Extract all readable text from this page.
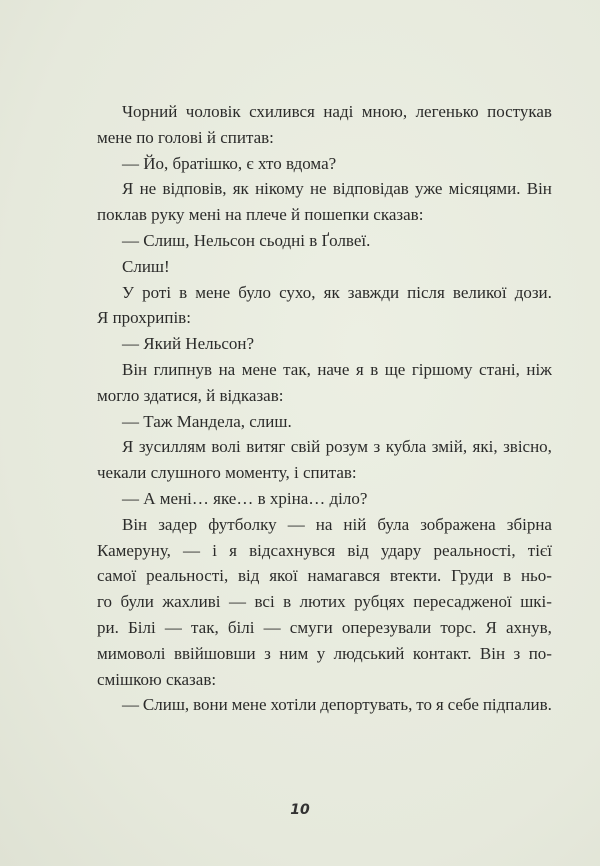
Чорний чоловік схилився наді мною, легенько постукав
мене по голові й спитав:
— Йо, братішко, є хто вдома?
Я не відповів, як нікому не відповідав уже місяцями. Він
поклав руку мені на плече й пошепки сказав:
— Слиш, Нельсон сьодні в Ґолвеї.
Слиш!
У роті в мене було сухо, як завжди після великої дози.
Я прохрипів:
— Який Нельсон?
Він глипнув на мене так, наче я в ще гіршому стані, ніж
могло здатися, й відказав:
— Таж Мандела, слиш.
Я зусиллям волі витяг свій розум з кубла змій, які, звісно,
чекали слушного моменту, і спитав:
— А мені… яке… в хріна… діло?
Він задер футболку — на ній була зображена збірна
Камеруну, — і я відсахнувся від удару реальності, тієї
самої реальності, від якої намагався втекти. Груди в ньо-
го були жахливі — всі в лютих рубцях пересадженої шкі-
ри. Білі — так, білі — смуги оперезували торс. Я ахнув,
мимоволі ввійшовши з ним у людський контакт. Він з по-
смішкою сказав:
— Слиш, вони мене хотіли депортувать, то я себе підпалив.
10
